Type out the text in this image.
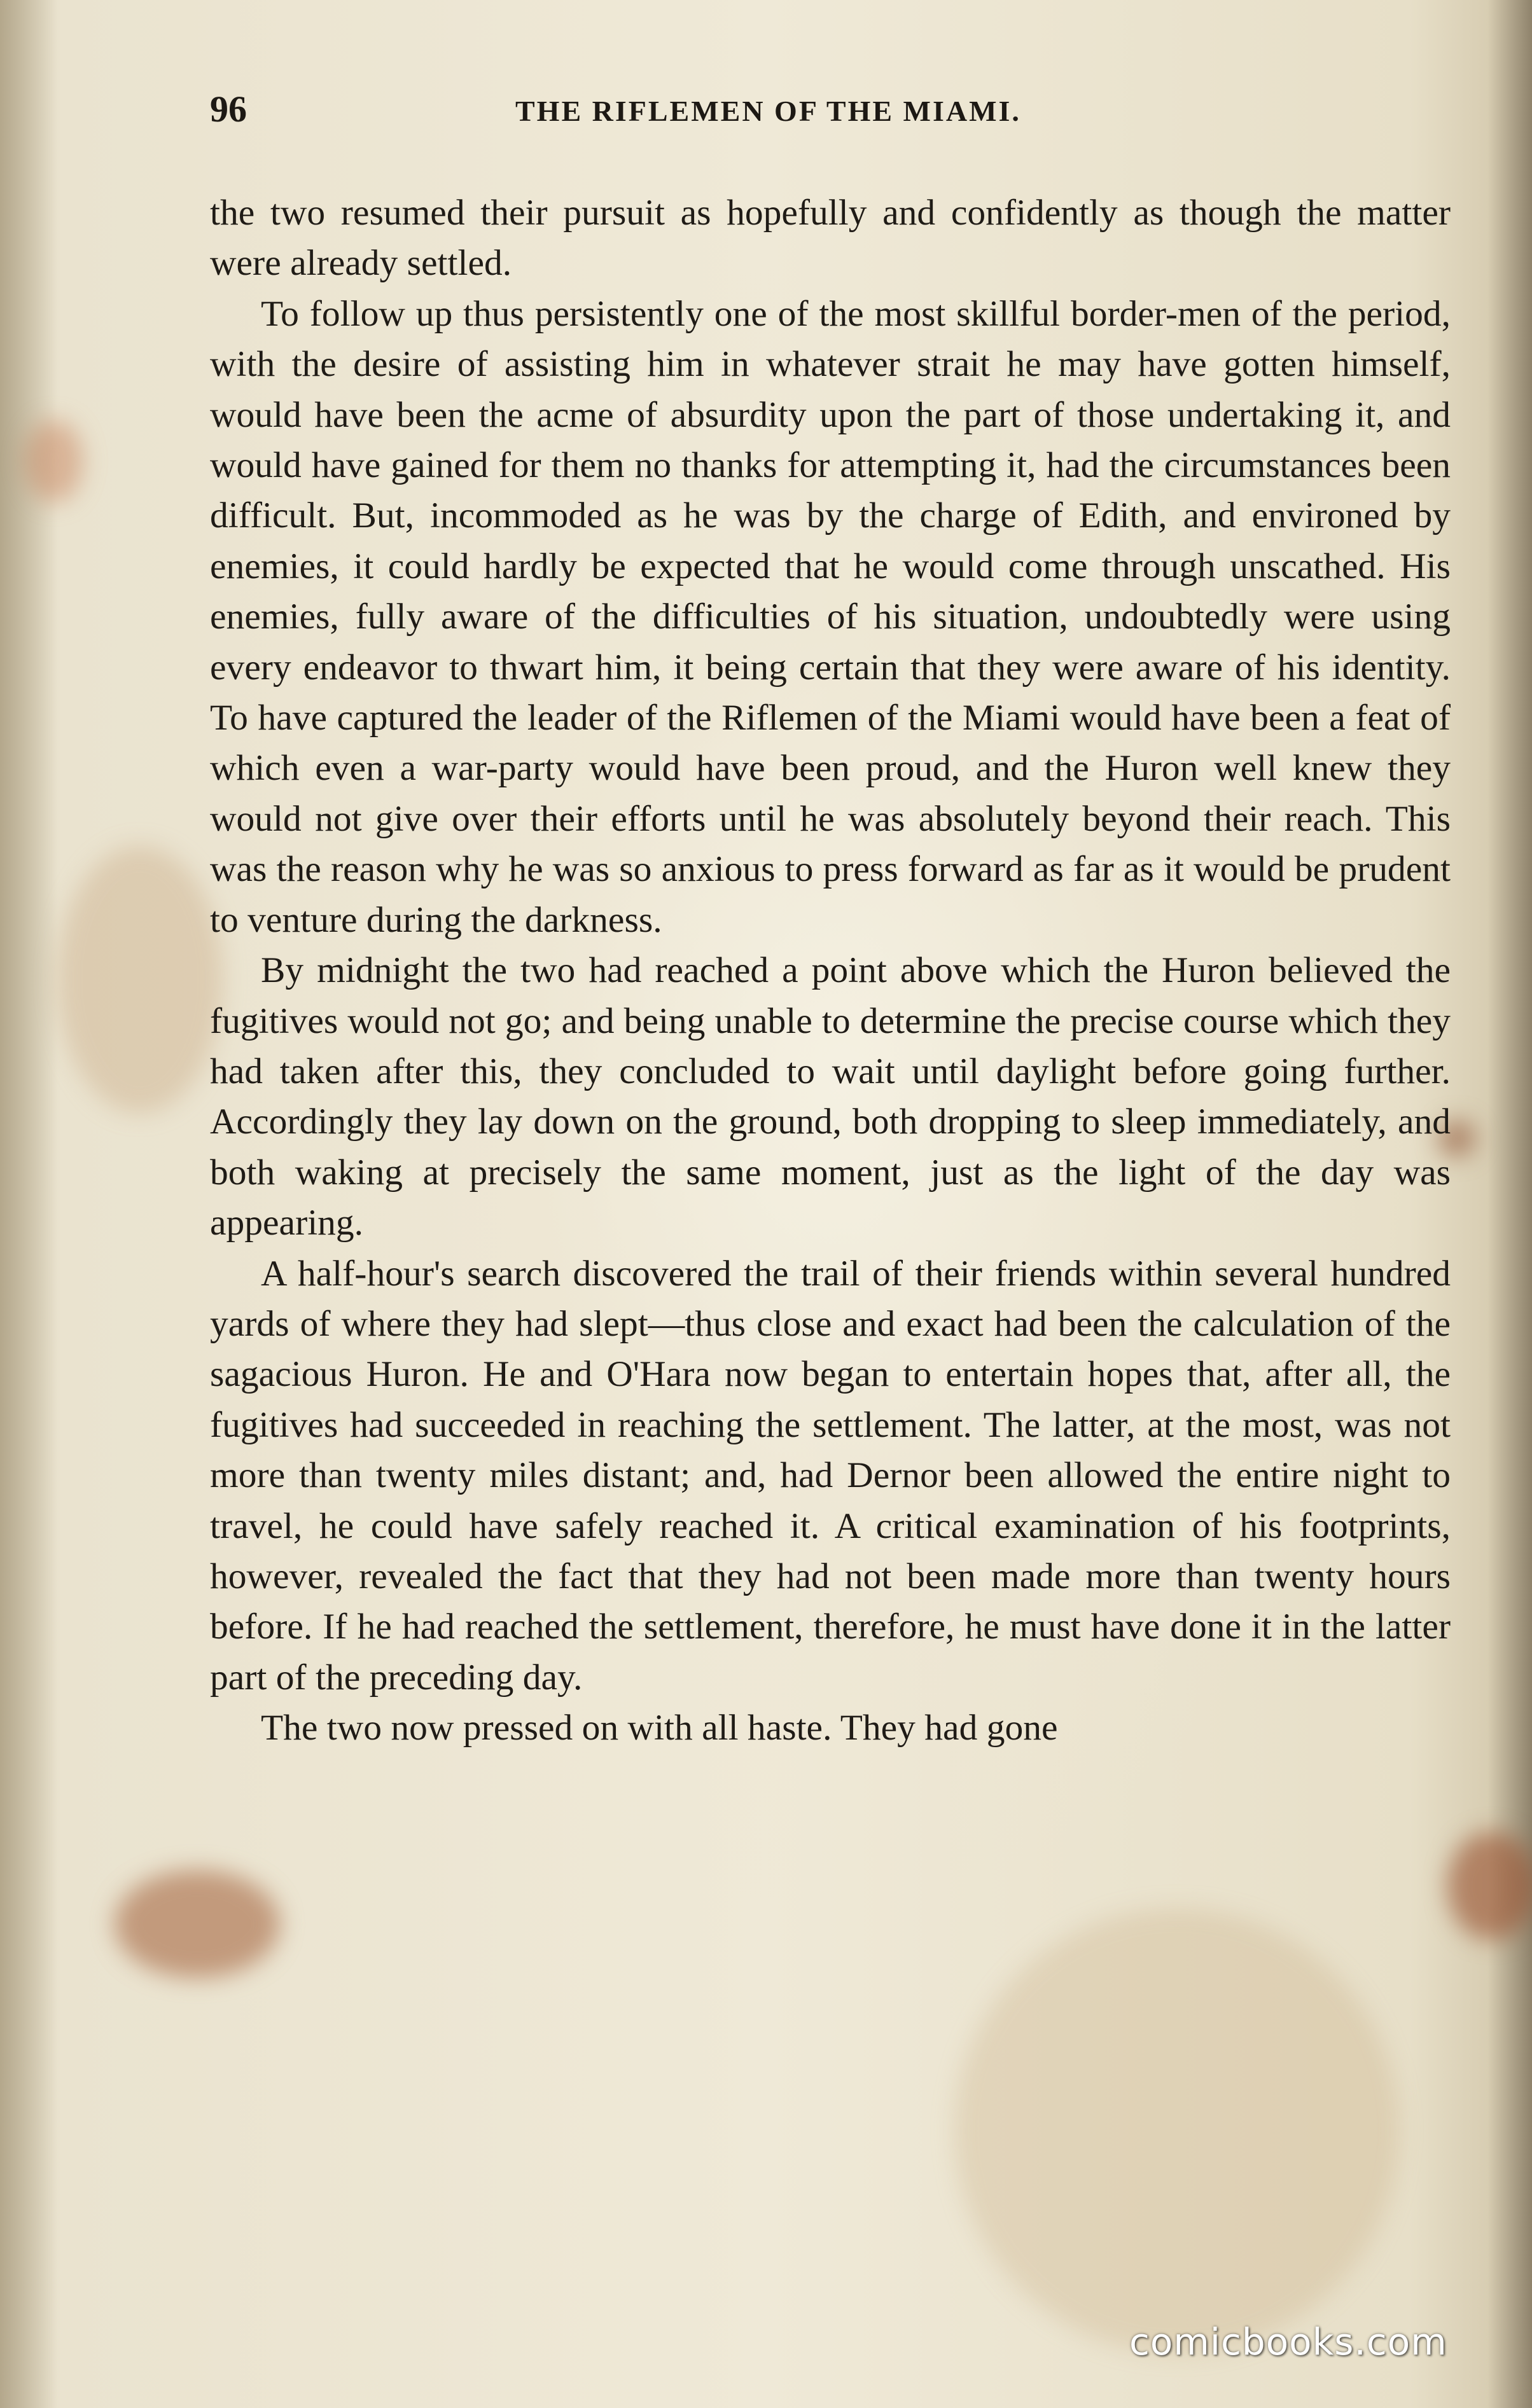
96	THE RIFLEMEN OF THE MIAMI.

the two resumed their pursuit as hopefully and confidently as though the matter were already settled.

To follow up thus persistently one of the most skillful border-men of the period, with the desire of assisting him in whatever strait he may have gotten himself, would have been the acme of absurdity upon the part of those undertaking it, and would have gained for them no thanks for attempting it, had the circumstances been difficult. But, incommoded as he was by the charge of Edith, and environed by enemies, it could hardly be expected that he would come through unscathed. His enemies, fully aware of the difficulties of his situation, undoubtedly were using every endeavor to thwart him, it being certain that they were aware of his identity. To have captured the leader of the Riflemen of the Miami would have been a feat of which even a war-party would have been proud, and the Huron well knew they would not give over their efforts until he was absolutely beyond their reach. This was the reason why he was so anxious to press forward as far as it would be prudent to venture during the darkness.

By midnight the two had reached a point above which the Huron believed the fugitives would not go; and being unable to determine the precise course which they had taken after this, they concluded to wait until daylight before going further. Accordingly they lay down on the ground, both dropping to sleep immediately, and both waking at precisely the same moment, just as the light of the day was appearing.

A half-hour's search discovered the trail of their friends within several hundred yards of where they had slept—thus close and exact had been the calculation of the sagacious Huron. He and O'Hara now began to entertain hopes that, after all, the fugitives had succeeded in reaching the settlement. The latter, at the most, was not more than twenty miles distant; and, had Dernor been allowed the entire night to travel, he could have safely reached it. A critical examination of his footprints, however, revealed the fact that they had not been made more than twenty hours before. If he had reached the settlement, therefore, he must have done it in the latter part of the preceding day.

The two now pressed on with all haste. They had gone

comicbooks.com
